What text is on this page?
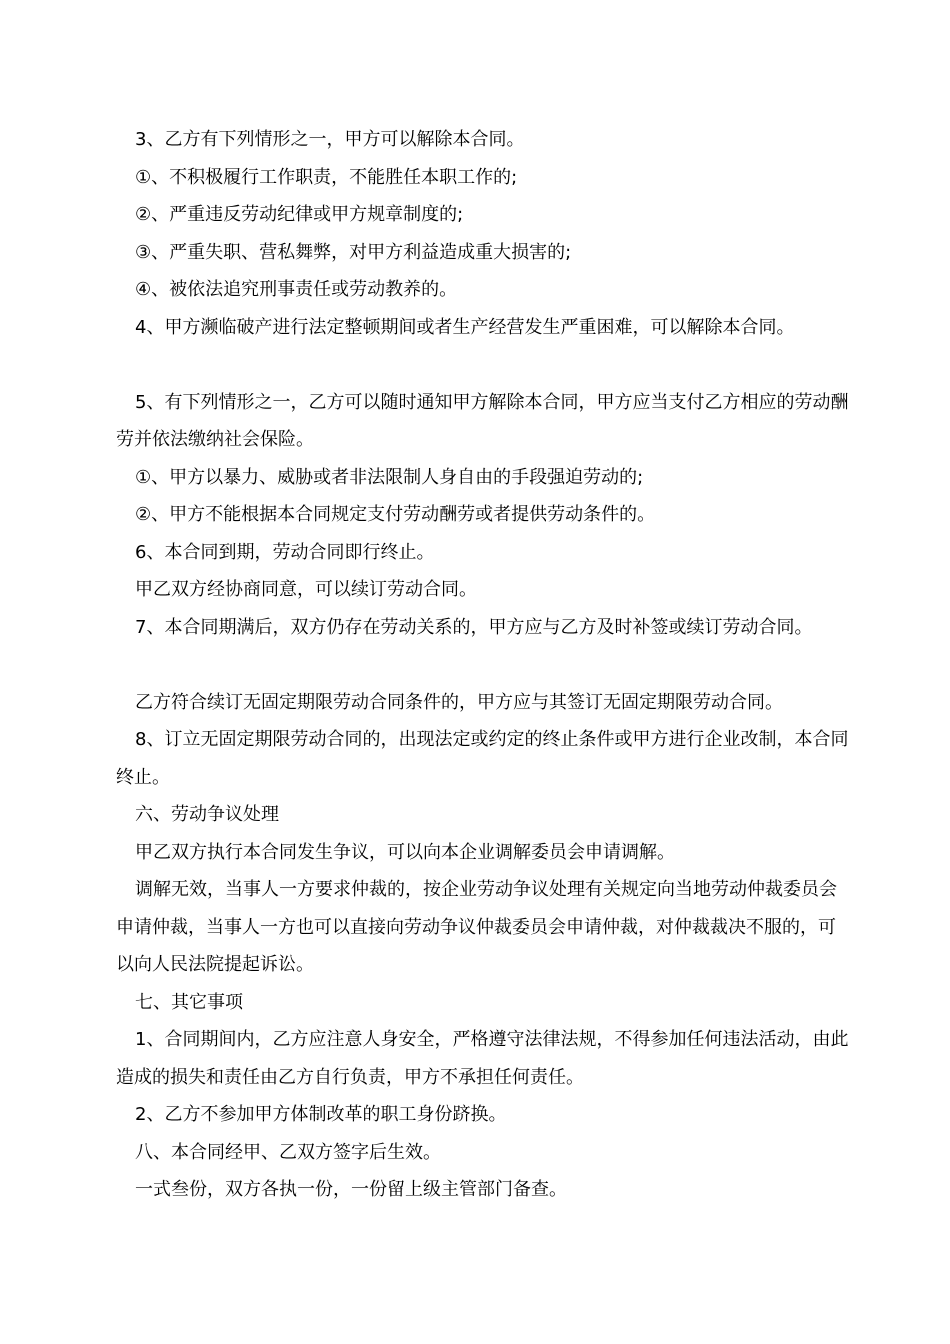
3、乙方有下列情形之一，甲方可以解除本合同。

①、不积极履行工作职责，不能胜任本职工作的;

②、严重违反劳动纪律或甲方规章制度的;

③、严重失职、营私舞弊，对甲方利益造成重大损害的;

④、被依法追究刑事责任或劳动教养的。

4、甲方濒临破产进行法定整顿期间或者生产经营发生严重困难，可以解除本合同。

5、有下列情形之一，乙方可以随时通知甲方解除本合同，甲方应当支付乙方相应的劳动酬劳并依法缴纳社会保险。

①、甲方以暴力、威胁或者非法限制人身自由的手段强迫劳动的;

②、甲方不能根据本合同规定支付劳动酬劳或者提供劳动条件的。

6、本合同到期，劳动合同即行终止。

甲乙双方经协商同意，可以续订劳动合同。

7、本合同期满后，双方仍存在劳动关系的，甲方应与乙方及时补签或续订劳动合同。

乙方符合续订无固定期限劳动合同条件的，甲方应与其签订无固定期限劳动合同。

8、订立无固定期限劳动合同的，出现法定或约定的终止条件或甲方进行企业改制，本合同终止。

六、劳动争议处理

甲乙双方执行本合同发生争议，可以向本企业调解委员会申请调解。

调解无效，当事人一方要求仲裁的，按企业劳动争议处理有关规定向当地劳动仲裁委员会申请仲裁，当事人一方也可以直接向劳动争议仲裁委员会申请仲裁，对仲裁裁决不服的，可以向人民法院提起诉讼。

七、其它事项

1、合同期间内，乙方应注意人身安全，严格遵守法律法规，不得参加任何违法活动，由此造成的损失和责任由乙方自行负责，甲方不承担任何责任。

2、乙方不参加甲方体制改革的职工身份跻换。

八、本合同经甲、乙双方签字后生效。

一式叁份，双方各执一份，一份留上级主管部门备查。
